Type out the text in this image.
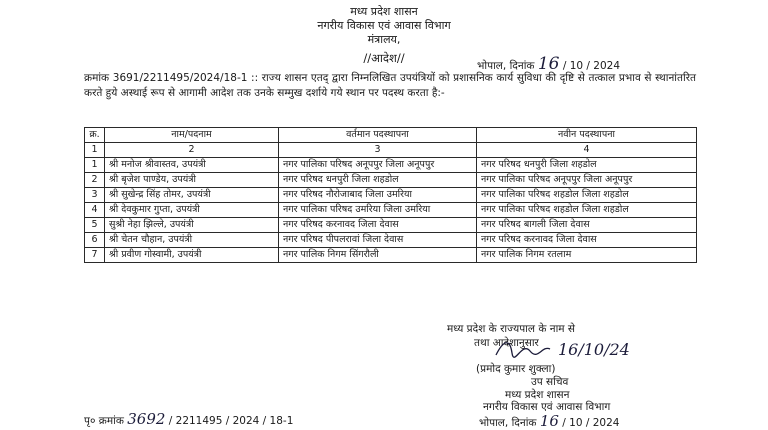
मध्य प्रदेश शासन
नगरीय विकास एवं आवास विभाग
मंत्रालय,
//आदेश//
भोपाल, दिनांक 16 / 10 / 2024
क्रमांक 3691/2211495/2024/18-1 :: राज्य शासन एतद् द्वारा निम्नलिखित उपयंत्रियों को प्रशासनिक कार्य सुविधा की दृष्टि से तत्काल प्रभाव से स्थानांतरित करते हुये अस्थाई रूप से आगामी आदेश तक उनके सम्मुख दर्शाये गये स्थान पर पदस्थ करता है:-
क्र.	नाम/पदनाम	वर्तमान पदस्थापना	नवीन पदस्थापना
1	2	3	4
1	श्री मनोज श्रीवास्तव, उपयंत्री	नगर पालिका परिषद अनूपपुर जिला अनूपपुर	नगर परिषद धनपुरी जिला शहडोल
2	श्री बृजेश पाण्डेय, उपयंत्री	नगर परिषद धनपुरी जिला शहडोल	नगर पालिका परिषद अनूपपुर जिला अनूपपुर
3	श्री सुखेन्द्र सिंह तोमर, उपयंत्री	नगर परिषद नौरोजाबाद जिला उमरिया	नगर पालिका परिषद शहडोल जिला शहडोल
4	श्री देवकुमार गुप्ता, उपयंत्री	नगर पालिका परिषद उमरिया जिला उमरिया	नगर पालिका परिषद शहडोल जिला शहडोल
5	सुश्री नेहा झिल्ले, उपयंत्री	नगर परिषद करनावद जिला देवास	नगर परिषद बागली जिला देवास
6	श्री चेतन चौहान, उपयंत्री	नगर परिषद पीपलरावां जिला देवास	नगर परिषद करनावद जिला देवास
7	श्री प्रवीण गोस्वामी, उपयंत्री	नगर पालिक निगम सिंगरौली	नगर पालिक निगम रतलाम
मध्य प्रदेश के राज्यपाल के नाम से
तथा आदेशानुसार 16/10/24
(प्रमोद कुमार शुक्ला)
उप सचिव
मध्य प्रदेश शासन
नगरीय विकास एवं आवास विभाग
भोपाल, दिनांक 16 / 10 / 2024
पृ० क्रमांक 3692 / 2211495 / 2024 / 18-1
